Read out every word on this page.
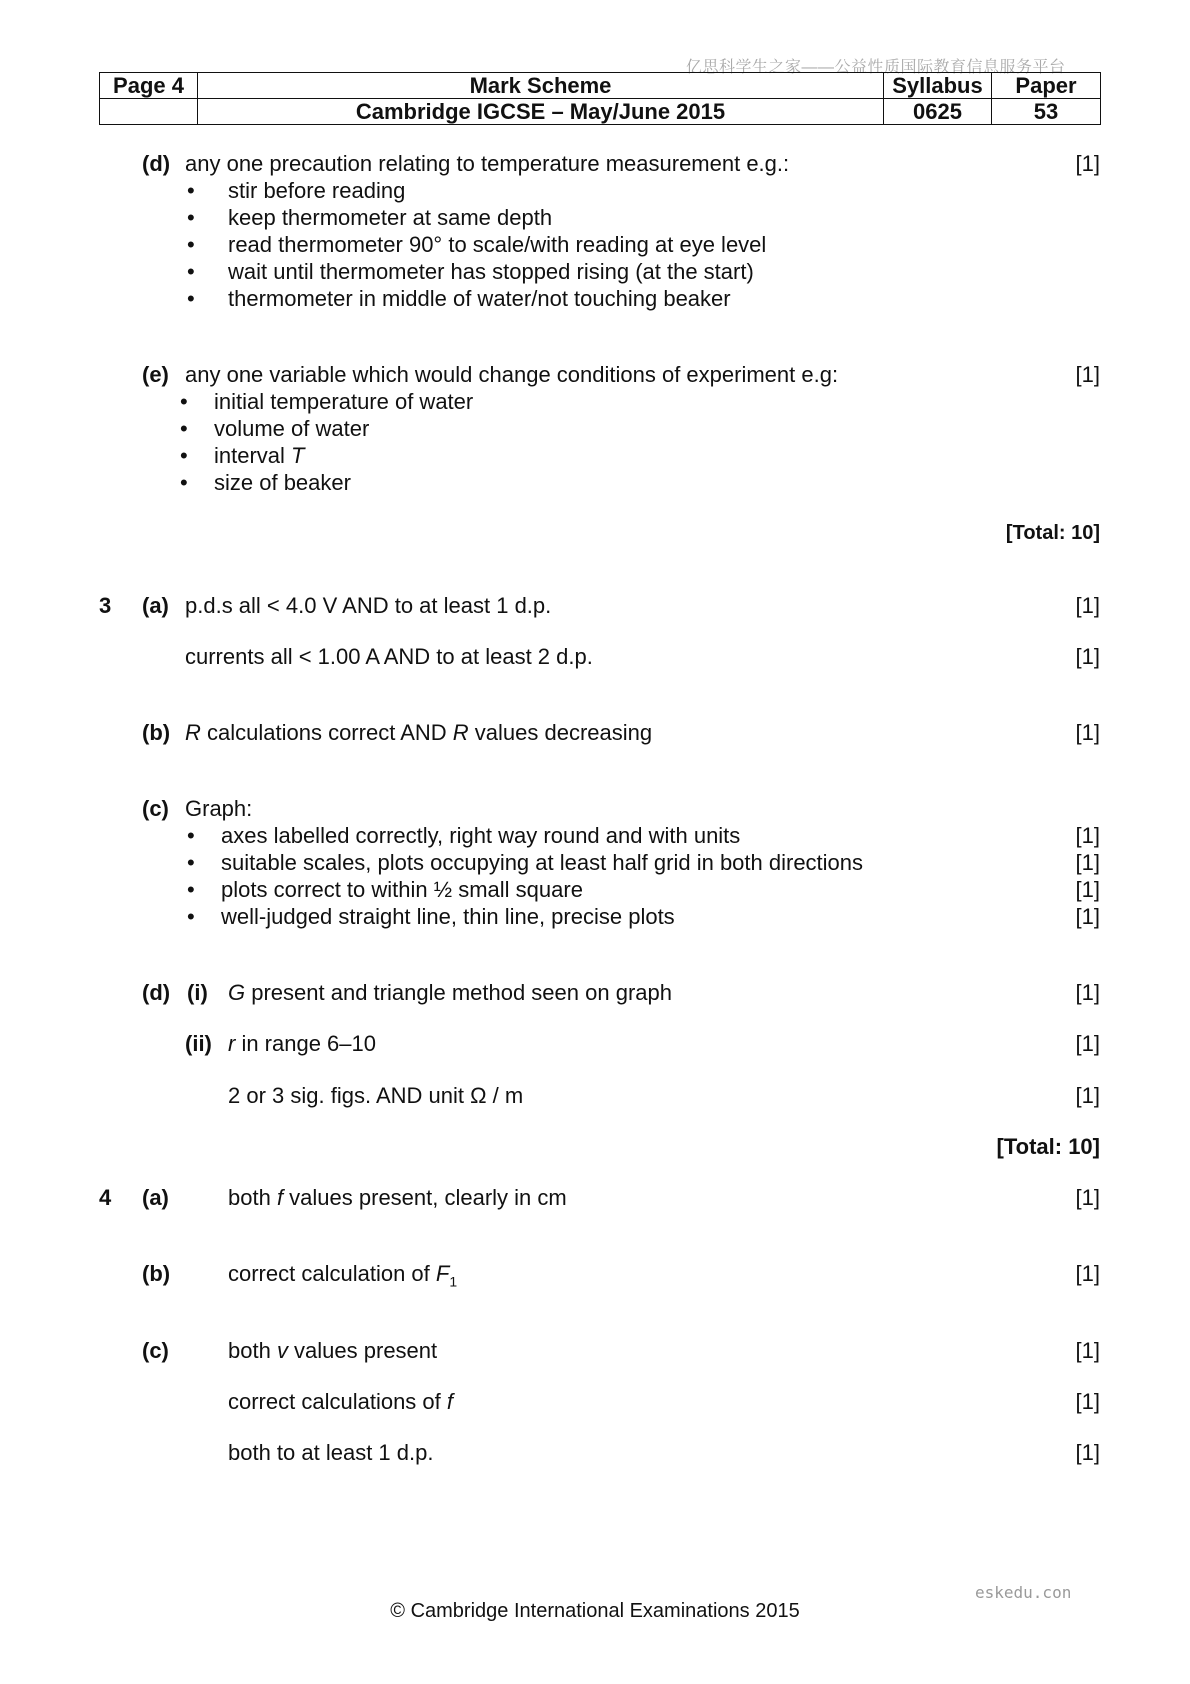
亿思科学生之家——公益性质国际教育信息服务平台
Page 4	Mark Scheme	Syllabus	Paper
	Cambridge IGCSE – May/June 2015	0625	53
(d) any one precaution relating to temperature measurement e.g.:	[1]
• stir before reading
• keep thermometer at same depth
• read thermometer 90° to scale/with reading at eye level
• wait until thermometer has stopped rising (at the start)
• thermometer in middle of water/not touching beaker
(e) any one variable which would change conditions of experiment e.g:	[1]
• initial temperature of water
• volume of water
• interval T
• size of beaker
[Total: 10]
3 (a) p.d.s all < 4.0 V AND to at least 1 d.p.	[1]
currents all < 1.00 A AND to at least 2 d.p.	[1]
(b) R calculations correct AND R values decreasing	[1]
(c) Graph:
• axes labelled correctly, right way round and with units	[1]
• suitable scales, plots occupying at least half grid in both directions	[1]
• plots correct to within ½ small square	[1]
• well-judged straight line, thin line, precise plots	[1]
(d) (i) G present and triangle method seen on graph	[1]
(ii) r in range 6–10	[1]
2 or 3 sig. figs. AND unit Ω / m	[1]
[Total: 10]
4 (a)	both f values present, clearly in cm	[1]
(b)	correct calculation of $F_1$	[1]
(c)	both v values present	[1]
correct calculations of f	[1]
both to at least 1 d.p.	[1]
eskedu.con
© Cambridge International Examinations 2015
